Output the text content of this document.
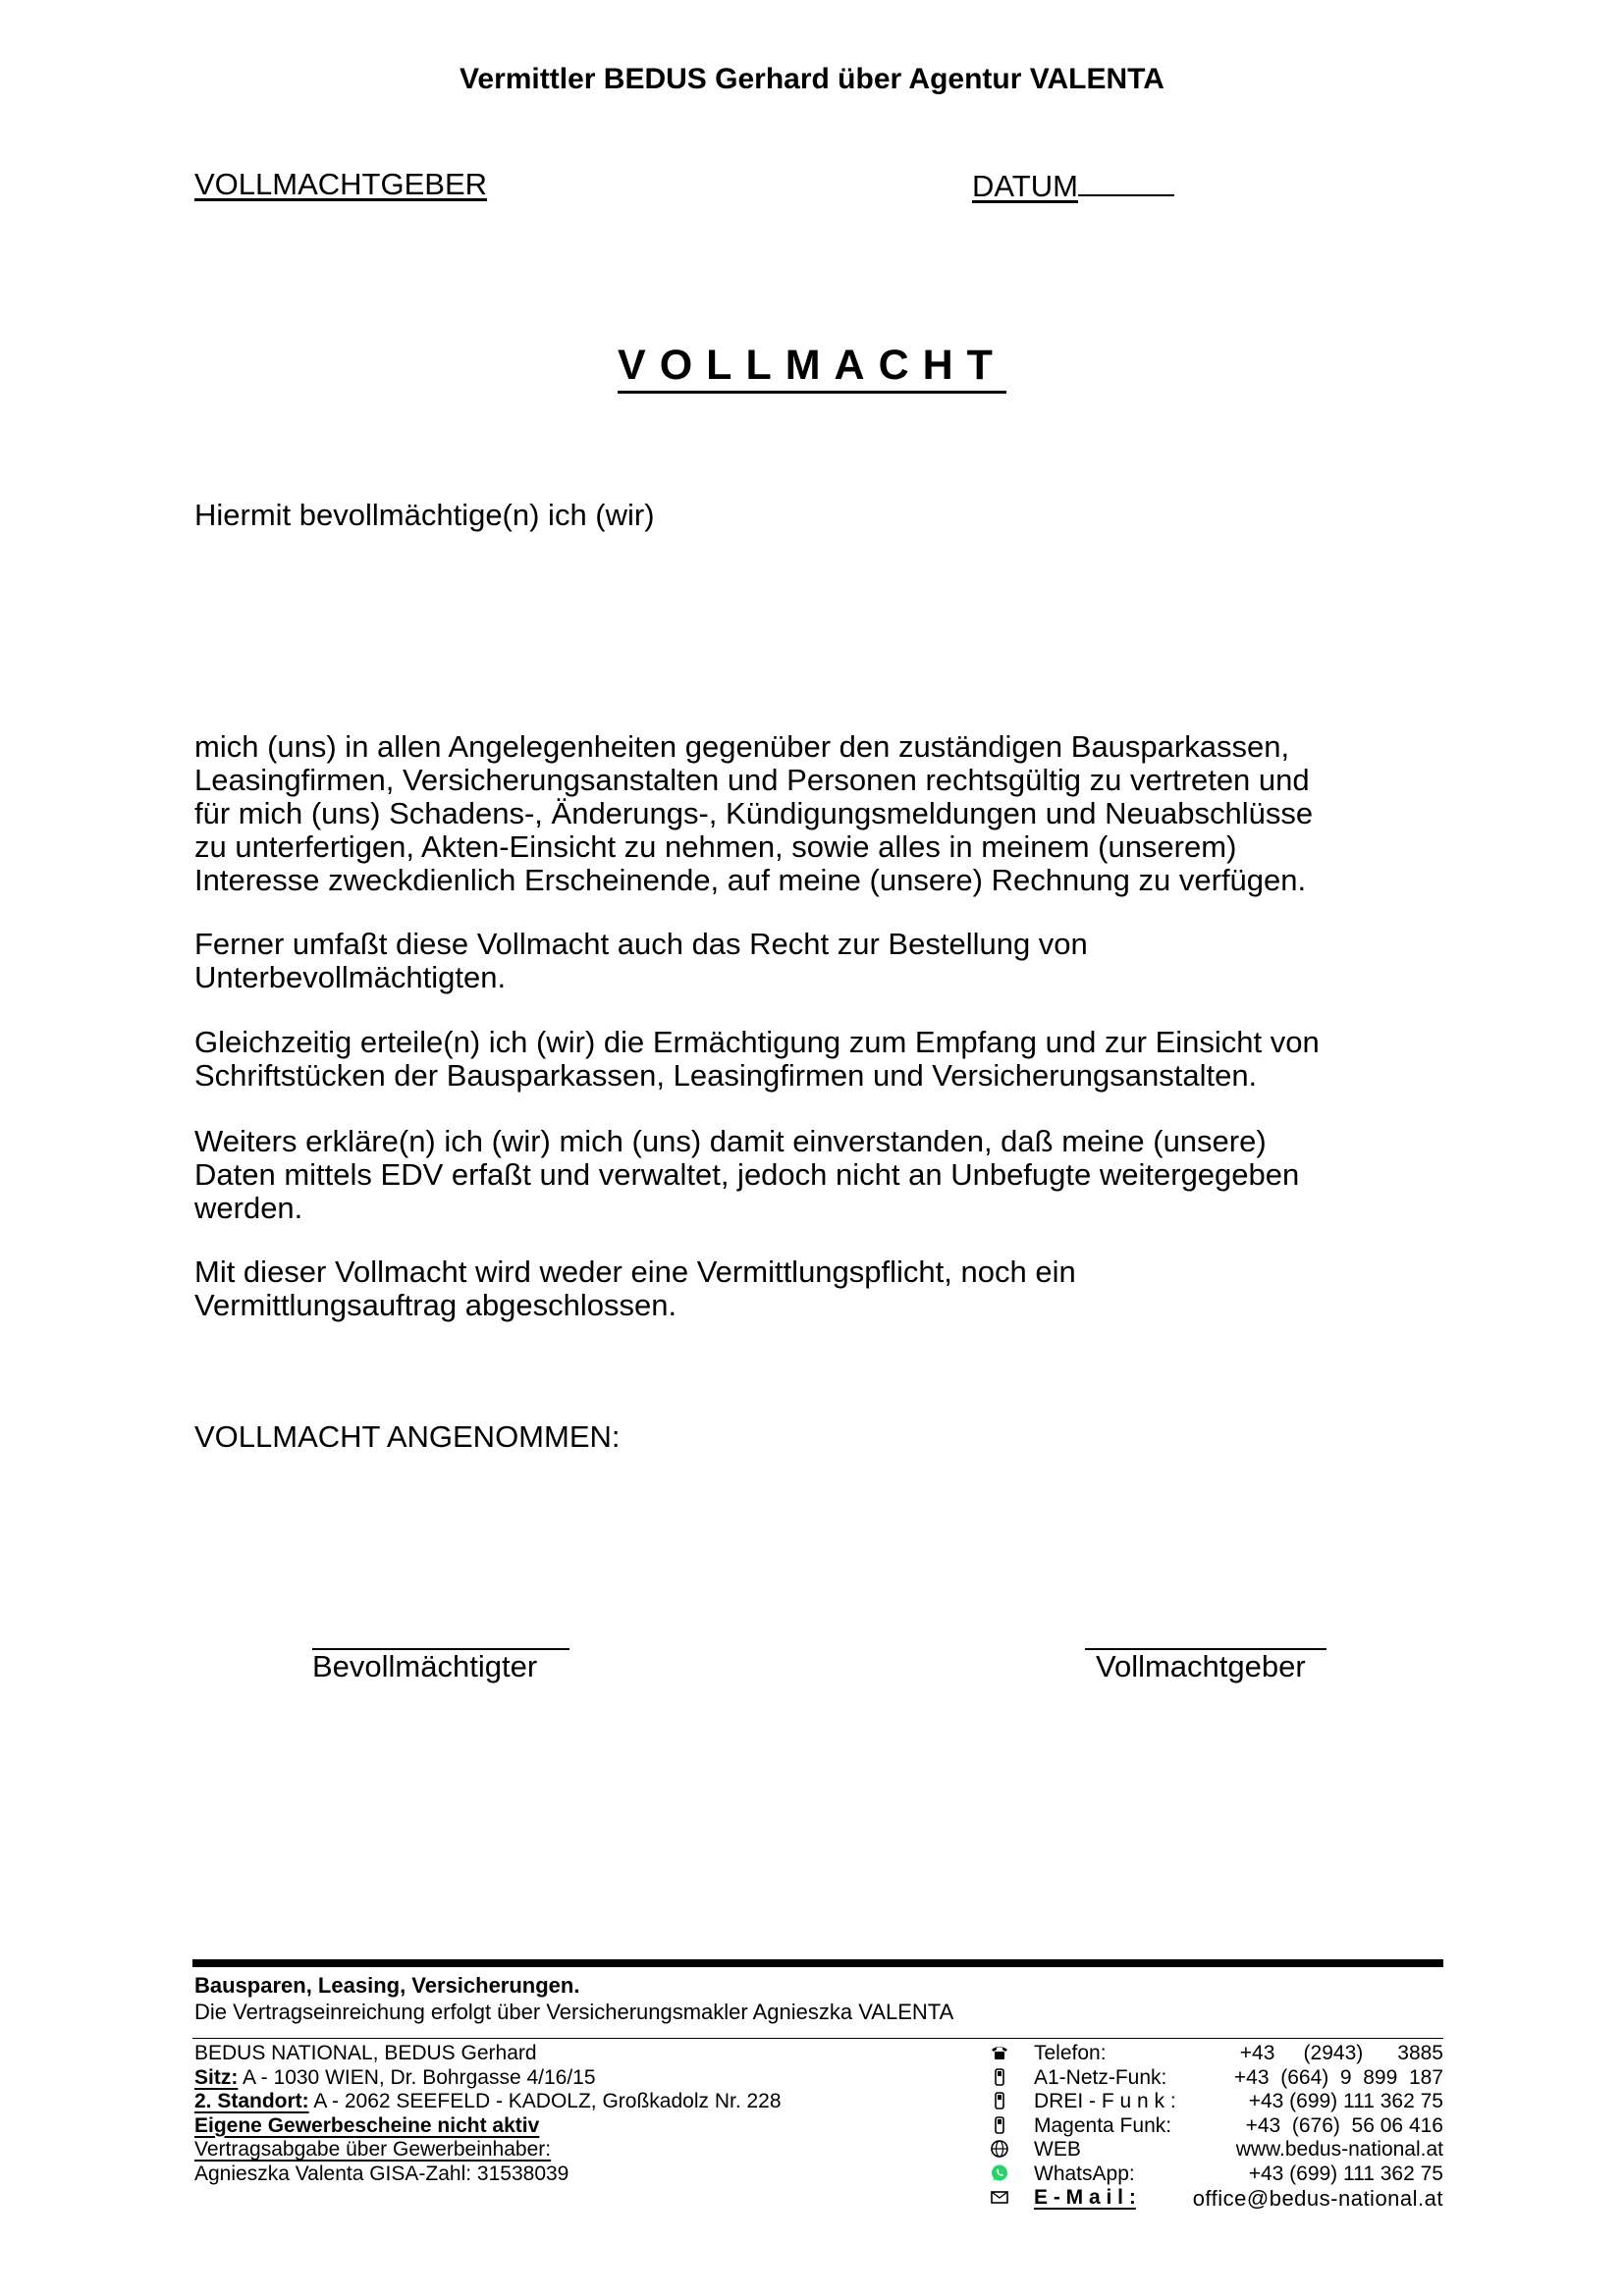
Vermittler BEDUS Gerhard über Agentur VALENTA
VOLLMACHTGEBER	DATUM
VOLLMACHT
Hiermit bevollmächtige(n) ich (wir)
mich (uns) in allen Angelegenheiten gegenüber den zuständigen Bausparkassen,
Leasingfirmen, Versicherungsanstalten und Personen rechtsgültig zu vertreten und
für mich (uns) Schadens-, Änderungs-, Kündigungsmeldungen und Neuabschlüsse
zu unterfertigen, Akten-Einsicht zu nehmen, sowie alles in meinem (unserem)
Interesse zweckdienlich Erscheinende, auf meine (unsere) Rechnung zu verfügen.
Ferner umfaßt diese Vollmacht auch das Recht zur Bestellung von
Unterbevollmächtigten.
Gleichzeitig erteile(n) ich (wir) die Ermächtigung zum Empfang und zur Einsicht von
Schriftstücken der Bausparkassen, Leasingfirmen und Versicherungsanstalten.
Weiters erkläre(n) ich (wir) mich (uns) damit einverstanden, daß meine (unsere)
Daten mittels EDV erfaßt und verwaltet, jedoch nicht an Unbefugte weitergegeben
werden.
Mit dieser Vollmacht wird weder eine Vermittlungspflicht, noch ein
Vermittlungsauftrag abgeschlossen.
VOLLMACHT ANGENOMMEN:
Bevollmächtigter	Vollmachtgeber
Bausparen, Leasing, Versicherungen.
Die Vertragseinreichung erfolgt über Versicherungsmakler Agnieszka VALENTA
BEDUS NATIONAL, BEDUS Gerhard
Sitz: A - 1030 WIEN, Dr. Bohrgasse 4/16/15
2. Standort: A - 2062 SEEFELD - KADOLZ, Großkadolz Nr. 228
Eigene Gewerbescheine nicht aktiv
Vertragsabgabe über Gewerbeinhaber:
Agnieszka Valenta GISA-Zahl: 31538039
Telefon:	+43     (2943)      3885
A1-Netz-Funk:	+43  (664)  9  899  187
DREI - F u n k :	+43 (699) 111 362 75
Magenta Funk:	+43  (676)  56 06 416
WEB	www.bedus-national.at
WhatsApp:	+43 (699) 111 362 75
E - M a i l :	office@bedus-national.at
